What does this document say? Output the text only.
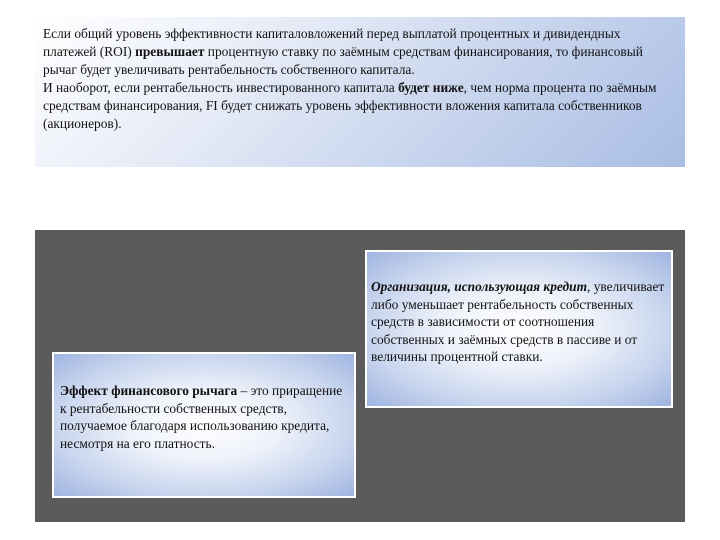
Если общий уровень эффективности капиталовложений перед выплатой процентных и дивидендных платежей (ROI) превышает процентную ставку по заёмным средствам финансирования, то финансовый рычаг будет увеличивать рентабельность собственного капитала.

И наоборот, если рентабельность инвестированного капитала будет ниже, чем норма процента по заёмным средствам финансирования, FI будет снижать уровень эффективности вложения капитала собственников (акционеров).

Организация, использующая кредит, увеличивает либо уменьшает рентабельность собственных средств в зависимости от соотношения собственных и заёмных средств в пассиве и от величины процентной ставки.

Эффект финансового рычага – это приращение к рентабельности собственных средств, получаемое благодаря использованию кредита, несмотря на его платность.
